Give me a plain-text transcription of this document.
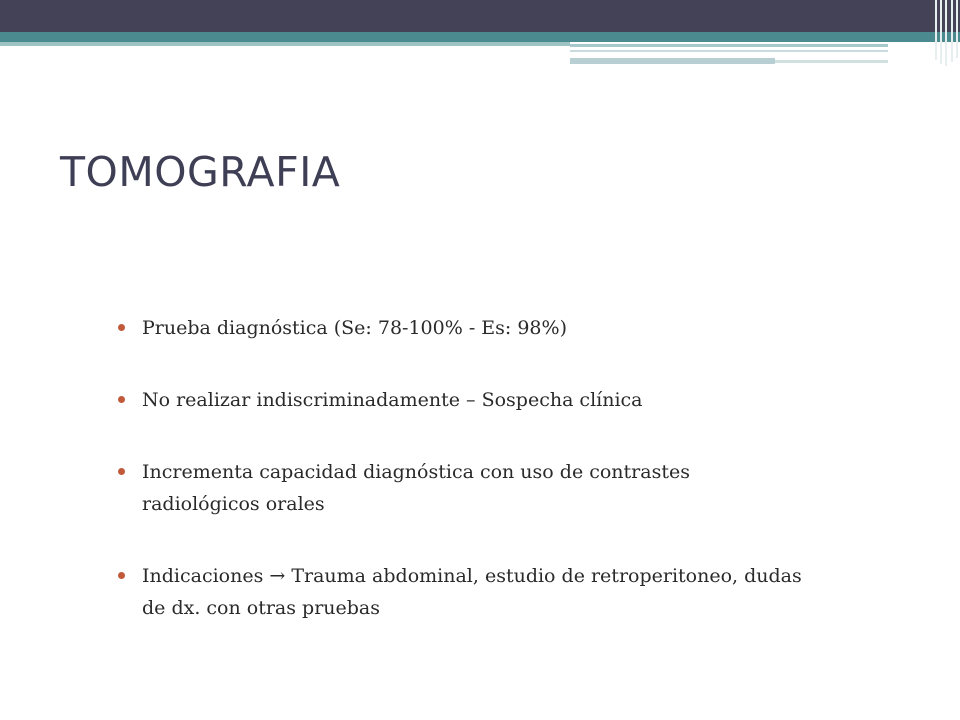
TOMOGRAFIA
Prueba diagnóstica (Se: 78-100% - Es: 98%)
No realizar indiscriminadamente – Sospecha clínica
Incrementa capacidad diagnóstica con uso de contrastes radiológicos orales
Indicaciones → Trauma abdominal, estudio de retroperitoneo, dudas de dx. con otras pruebas
